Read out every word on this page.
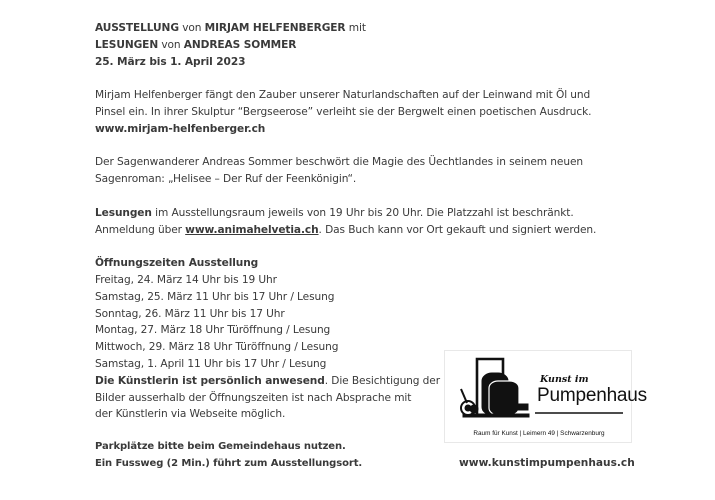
AUSSTELLUNG von MIRJAM HELFENBERGER mit
LESUNGEN von ANDREAS SOMMER
25. März bis 1. April 2023
Mirjam Helfenberger fängt den Zauber unserer Naturlandschaften auf der Leinwand mit Öl und
Pinsel ein. In ihrer Skulptur “Bergseerose” verleiht sie der Bergwelt einen poetischen Ausdruck.
www.mirjam-helfenberger.ch
Der Sagenwanderer Andreas Sommer beschwört die Magie des Üechtlandes in seinem neuen
Sagenroman: „Helisee – Der Ruf der Feenkönigin“.
Lesungen im Ausstellungsraum jeweils von 19 Uhr bis 20 Uhr. Die Platzzahl ist beschränkt.
Anmeldung über www.animahelvetia.ch. Das Buch kann vor Ort gekauft und signiert werden.
Öffnungszeiten Ausstellung
Freitag, 24. März 14 Uhr bis 19 Uhr
Samstag, 25. März 11 Uhr bis 17 Uhr / Lesung
Sonntag, 26. März 11 Uhr bis 17 Uhr
Montag, 27. März 18 Uhr Türöffnung / Lesung
Mittwoch, 29. März 18 Uhr Türöffnung / Lesung
Samstag, 1. April 11 Uhr bis 17 Uhr / Lesung
Die Künstlerin ist persönlich anwesend. Die Besichtigung der
Bilder ausserhalb der Öffnungszeiten ist nach Absprache mit
der Künstlerin via Webseite möglich.
Parkplätze bitte beim Gemeindehaus nutzen.
Ein Fussweg (2 Min.) führt zum Ausstellungsort.
Kunst im
Pumpenhaus
Raum für Kunst | Leimern 49 | Schwarzenburg
www.kunstimpumpenhaus.ch
